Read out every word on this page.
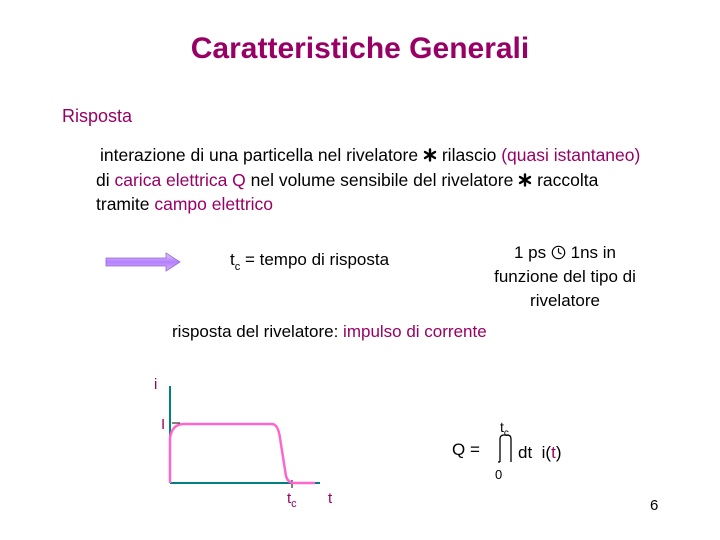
Caratteristiche Generali
Risposta
interazione di una particella nel rivelatore rilascio (quasi istantaneo) di carica elettrica Q nel volume sensibile del rivelatore raccolta tramite campo elettrico
$t_c$ = tempo di risposta	1 ps 1ns in
funzione del tipo di
rivelatore
risposta del rivelatore: impulso di corrente
i
I
$t_c$ t
Q =
$t_c$
0
dt i(t)
6
